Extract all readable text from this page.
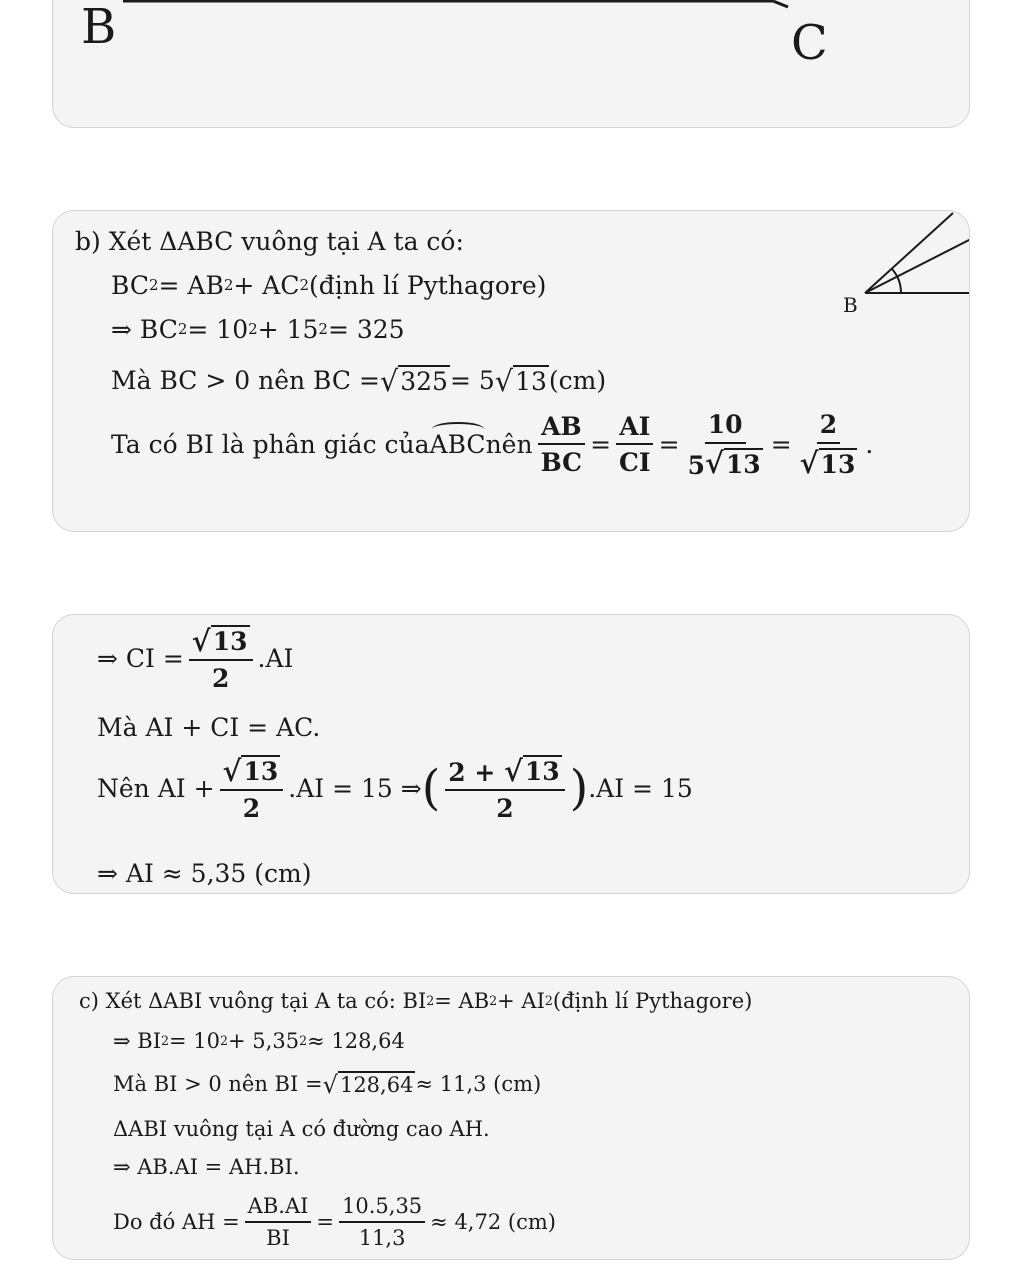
B	C
B
b) Xét ΔABC vuông tại A ta có:
BC 2 = AB 2 + AC 2 (định lí Pythagore)
⇒ BC 2 = 10 2 + 15 2 = 325
Mà BC > 0 nên BC = √ 325 = 5 √ 13 (cm)
Ta có BI là phân giác của ABC nên $\frac{AB}{BC} = \frac{AI}{CI} = \frac{10}{5 √ 13} = \frac{2}{√ 13}$ .
⇒ CI = $\frac{√ 13}{2} .AI$
Mà AI + CI = AC.
Nên AI + $\frac{√ 13}{2} .AI = 15$ ⇒ ( $\frac{2 + √ 13}{2}$ ) .AI = 15
⇒ AI ≈ 5,35 (cm)
c) Xét ΔABI vuông tại A ta có: BI 2 = AB 2 + AI 2 (định lí Pythagore)
⇒ BI 2 = 10 2 + 5,35 2 ≈ 128,64
Mà BI > 0 nên BI = √ 128,64 ≈ 11,3 (cm)
ΔABI vuông tại A có đường cao AH.
⇒ AB.AI = AH.BI.
Do đó AH = $\frac{AB.AI}{BI} = \frac{10.5,35}{11,3} \approx 4,72$ (cm)
